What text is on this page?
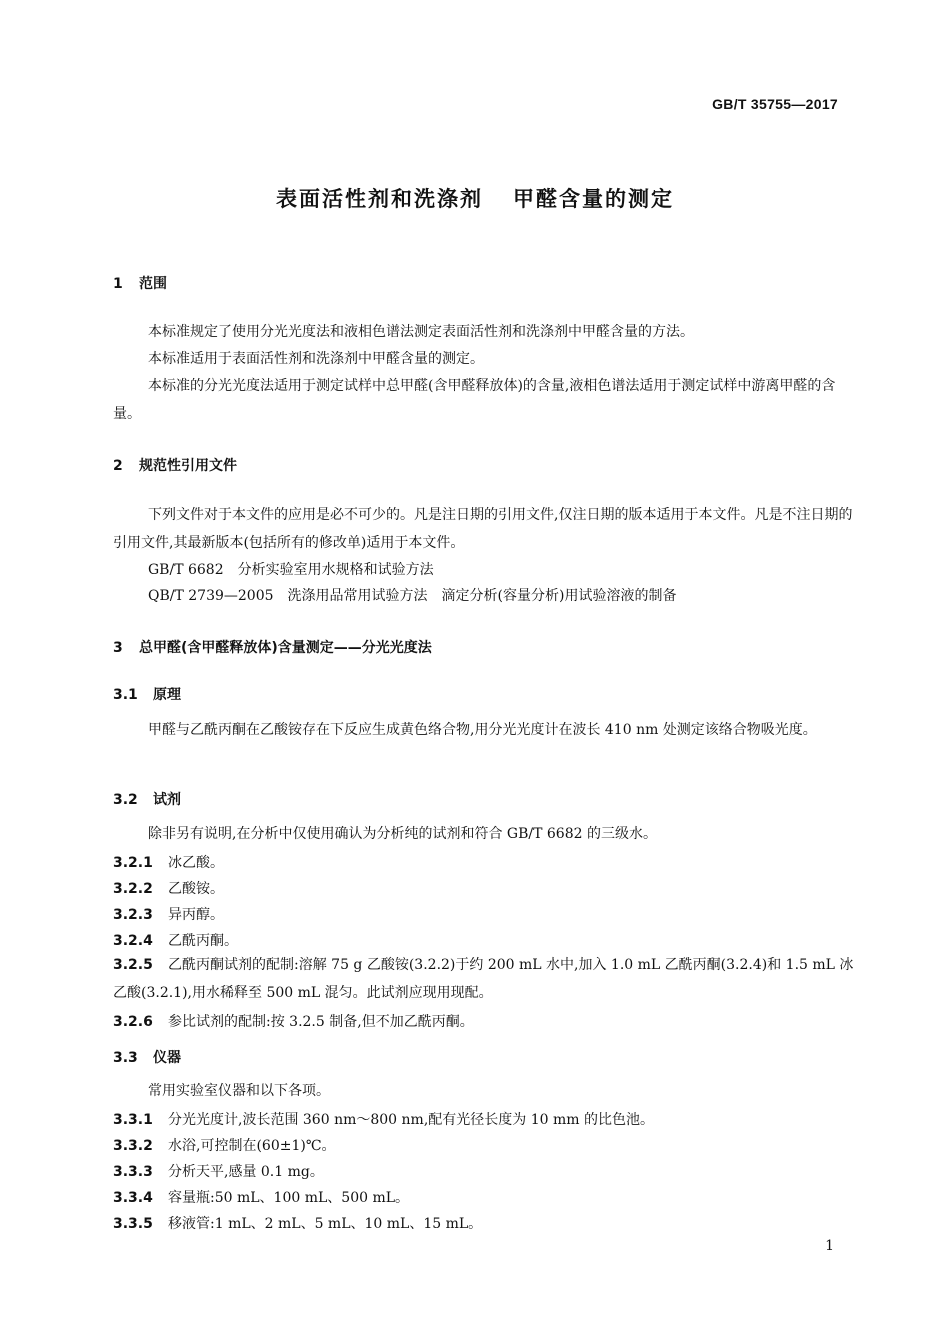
GB/T 35755—2017
表面活性剂和洗涤剂 甲醛含量的测定
1 范围
本标准规定了使用分光光度法和液相色谱法测定表面活性剂和洗涤剂中甲醛含量的方法。
本标准适用于表面活性剂和洗涤剂中甲醛含量的测定。
本标准的分光光度法适用于测定试样中总甲醛(含甲醛释放体)的含量,液相色谱法适用于测定试样中游离甲醛的含量。
2 规范性引用文件
下列文件对于本文件的应用是必不可少的。凡是注日期的引用文件,仅注日期的版本适用于本文件。凡是不注日期的引用文件,其最新版本(包括所有的修改单)适用于本文件。
GB/T 6682 分析实验室用水规格和试验方法
QB/T 2739—2005 洗涤用品常用试验方法　滴定分析(容量分析)用试验溶液的制备
3 总甲醛(含甲醛释放体)含量测定——分光光度法
3.1 原理
甲醛与乙酰丙酮在乙酸铵存在下反应生成黄色络合物,用分光光度计在波长 410 nm 处测定该络合物吸光度。
3.2 试剂
除非另有说明,在分析中仅使用确认为分析纯的试剂和符合 GB/T 6682 的三级水。
3.2.1 冰乙酸。
3.2.2 乙酸铵。
3.2.3 异丙醇。
3.2.4 乙酰丙酮。
3.2.5 乙酰丙酮试剂的配制:溶解 75 g 乙酸铵(3.2.2)于约 200 mL 水中,加入 1.0 mL 乙酰丙酮(3.2.4)和 1.5 mL 冰乙酸(3.2.1),用水稀释至 500 mL 混匀。此试剂应现用现配。
3.2.6 参比试剂的配制:按 3.2.5 制备,但不加乙酰丙酮。
3.3 仪器
常用实验室仪器和以下各项。
3.3.1 分光光度计,波长范围 360 nm～800 nm,配有光径长度为 10 mm 的比色池。
3.3.2 水浴,可控制在(60±1)℃。
3.3.3 分析天平,感量 0.1 mg。
3.3.4 容量瓶:50 mL、100 mL、500 mL。
3.3.5 移液管:1 mL、2 mL、5 mL、10 mL、15 mL。
1
